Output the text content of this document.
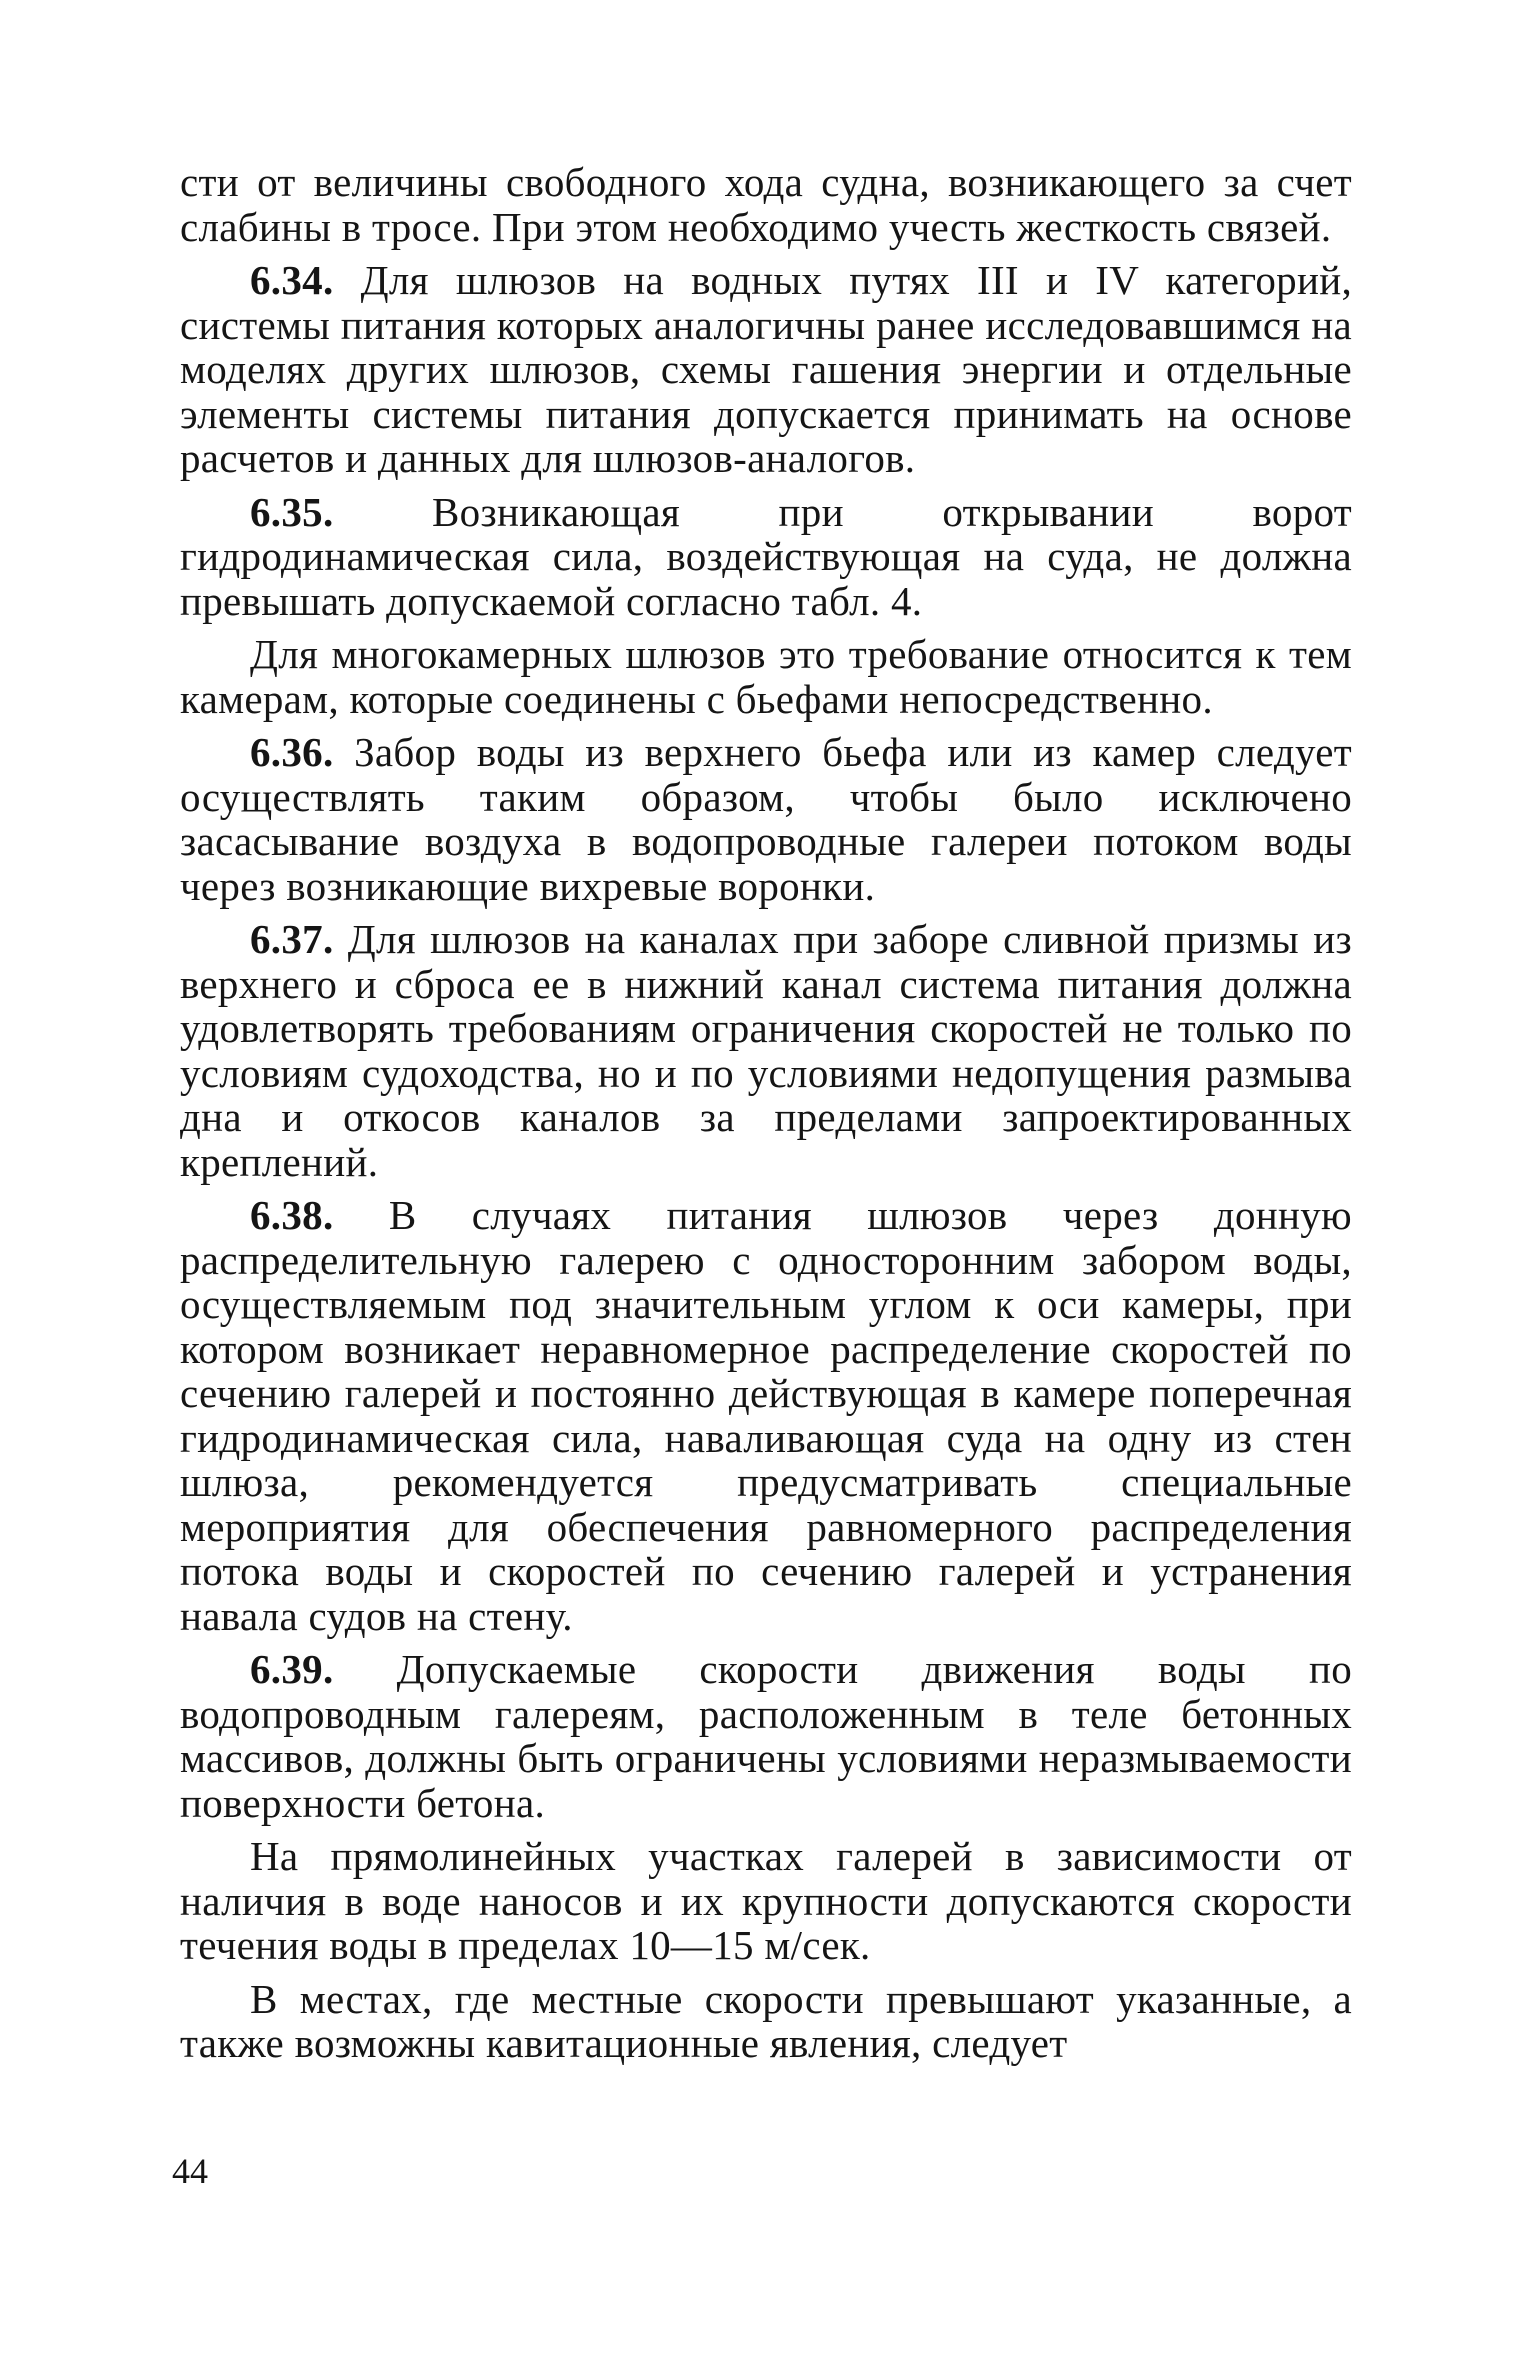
сти от величины свободного хода судна, возникающего за счет слабины в тросе. При этом необходимо учесть жесткость связей.

6.34. Для шлюзов на водных путях III и IV категорий, системы питания которых аналогичны ранее исследовавшимся на моделях других шлюзов, схемы гашения энергии и отдельные элементы системы питания допускается принимать на основе расчетов и данных для шлюзов-аналогов.

6.35. Возникающая при открывании ворот гидродинамическая сила, воздействующая на суда, не должна превышать допускаемой согласно табл. 4.

Для многокамерных шлюзов это требование относится к тем камерам, которые соединены с бьефами непосредственно.

6.36. Забор воды из верхнего бьефа или из камер следует осуществлять таким образом, чтобы было исключено засасывание воздуха в водопроводные галереи потоком воды через возникающие вихревые воронки.

6.37. Для шлюзов на каналах при заборе сливной призмы из верхнего и сброса ее в нижний канал система питания должна удовлетворять требованиям ограничения скоростей не только по условиям судоходства, но и по условиями недопущения размыва дна и откосов каналов за пределами запроектированных креплений.

6.38. В случаях питания шлюзов через донную распределительную галерею с односторонним забором воды, осуществляемым под значительным углом к оси камеры, при котором возникает неравномерное распределение скоростей по сечению галерей и постоянно действующая в камере поперечная гидродинамическая сила, наваливающая суда на одну из стен шлюза, рекомендуется предусматривать специальные мероприятия для обеспечения равномерного распределения потока воды и скоростей по сечению галерей и устранения навала судов на стену.

6.39. Допускаемые скорости движения воды по водопроводным галереям, расположенным в теле бетонных массивов, должны быть ограничены условиями неразмываемости поверхности бетона.

На прямолинейных участках галерей в зависимости от наличия в воде наносов и их крупности допускаются скорости течения воды в пределах 10—15 м/сек.

В местах, где местные скорости превышают указанные, а также возможны кавитационные явления, следует

44
